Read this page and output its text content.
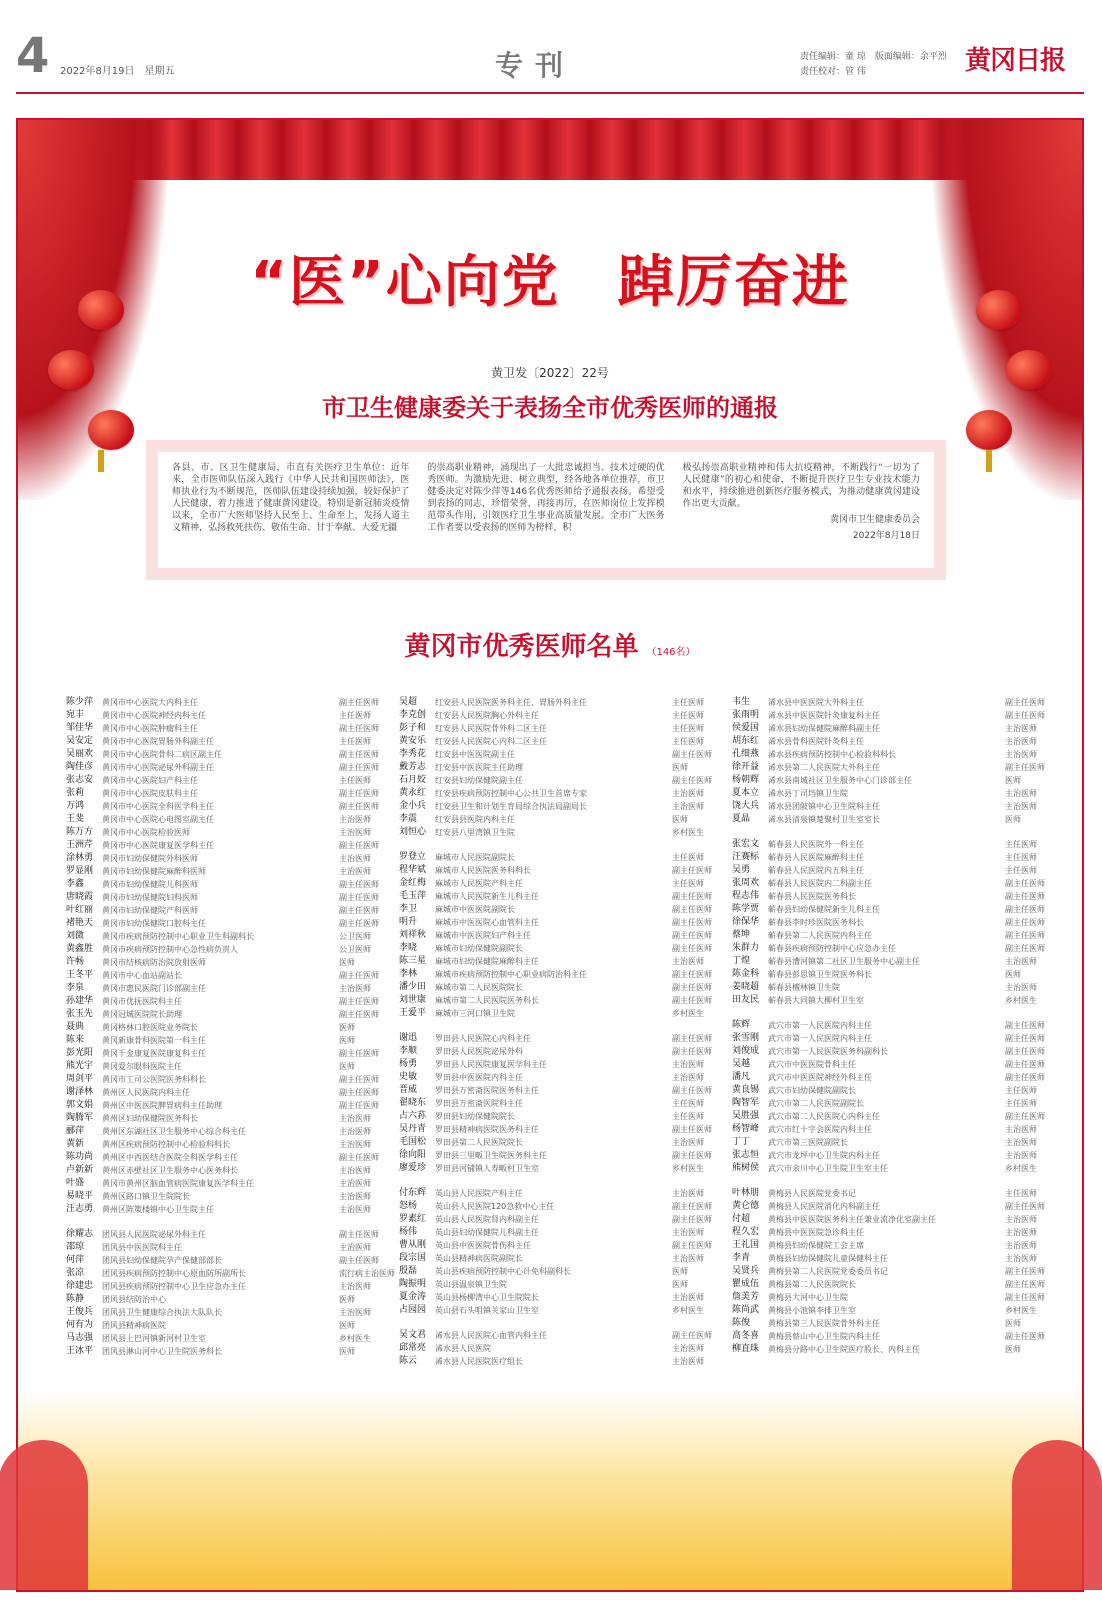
4 2022年8月19日　星期五	专刊	责任编辑：童 琼　版面编辑：余平烈　责任校对：管 伟	黄冈日报
“医”心向党　踔厉奋进
黄卫发〔2022〕22号
市卫生健康委关于表扬全市优秀医师的通报

各县、市、区卫生健康局，市直有关医疗卫生单位：近年来，全市医师队伍深入践行《中华人民共和国医师法》，医师执业行为不断规范，医师队伍建设持续加强，较好保护了人民健康，着力推进了健康黄冈建设。特别是新冠肺炎疫情以来，全市广大医师坚持人民至上、生命至上，发扬人道主义精神，弘扬救死扶伤、敬佑生命、甘于奉献、大爱无疆

的崇高职业精神，涌现出了一大批忠诚担当、技术过硬的优秀医师。为激励先进、树立典型，经各地各单位推荐，市卫健委决定对陈少萍等146名优秀医师给予通报表扬。希望受到表扬的同志，珍惜荣誉，再接再厉，在医师岗位上发挥模范带头作用，引领医疗卫生事业高质量发展。全市广大医务工作者要以受表扬的医师为榜样，积

极弘扬崇高职业精神和伟大抗疫精神，不断践行“一切为了人民健康”的初心和使命，不断提升医疗卫生专业技术能力和水平，持续推进创新医疗服务模式，为推动健康黄冈建设作出更大贡献。

黄冈市卫生健康委员会
2022年8月18日
黄冈市优秀医师名单 （146名）
陈少萍	黄冈市中心医院大内科主任	副主任医师
宛丰	黄冈市中心医院神经内科主任	主任医师
邹佳华	黄冈市中心医院肿瘤科主任	副主任医师
吴安定	黄冈市中心医院胃肠外科副主任	主任医师
吴丽欢	黄冈市中心医院骨科二病区副主任	副主任医师
陶佳彦	黄冈市中心医院泌尿外科副主任	副主任医师
张志安	黄冈市中心医院妇产科主任	主任医师
张莉	黄冈市中心医院皮肤科主任	副主任医师
万鸿	黄冈市中心医院全科医学科主任	副主任医师
王斐	黄冈市中心医院心电图室副主任	主治医师
陈万方	黄冈市中心医院检验医师	主治医师
王洲芹	黄冈市中心医院康复医学科主任	副主任医师
涂林勇	黄冈市妇幼保健院外科医师	主治医师
罗显刚	黄冈市妇幼保健院麻醉科医师	主治医师
李鑫	黄冈市妇幼保健院儿科医师	副主任医师
唐晓霞	黄冈市妇幼保健院妇科医师	副主任医师
叶红丽	黄冈市妇幼保健院产科医师	副主任医师
褚艳天	黄冈市妇幼保健院口腔科主任	副主任医师
刘微	黄冈市疾病预防控制中心职业卫生科副科长	公卫医师
黄鑫胜	黄冈市疾病预防控制中心急性病负责人	公卫医师
许畅	黄冈市结核病防治院放射医师	医师
王冬平	黄冈市中心血站副站长	副主任医师
李泉	黄冈市惠民医院门诊部副主任	主治医师
孙建华	黄冈市优抚医院科主任	副主任医师
张玉先	黄冈冠城医院院长助理	副主任医师
聂典	黄冈格林口腔医院业务院长	医师
陈来	黄冈新康骨科医院第一科主任	医师
彭光阳	黄冈千金康复医院康复科主任	副主任医师
熊光宇	黄冈爱尔眼科医院主任	医师
周剑平	黄冈市工司公医院医务科科长	副主任医师
谢泽林	黄州区人民医院内科主任	副主任医师
郭文娟	黄州区中医医院脾胃病科主任助理	副主任医师
陶腾军	黄州区妇幼保健院医务科长	主治医师
郦萍	黄州区东湖社区卫生服务中心综合科主任	主治医师
黄新	黄州区疾病预防控制中心检验科科长	主治医师
陈功尚	黄州区中西医结合医院全科医学科主任	副主任医师
卢新新	黄州区赤壁社区卫生服务中心医务科长	主治医师
叶盛	黄冈市黄州区脑血管病医院康复医学科主任	主治医师
易晓平	黄州区路口镇卫生院院长	主治医师
汪志勇	黄州区陈策楼镇中心卫生院主任	主治医师
徐耀志	团风县人民医院泌尿外科主任	副主任医师
邵琼	团风县中医医院科主任	主治医师
何萍	团风县妇幼保健院孕产保健部部长	副主任医师
张凉	团风县疾病预防控制中心原血防所副所长	流行病主治医师
徐建忠	团风县疾病预防控制中心卫生应急办主任	主治医师
陈静	团风县结防治中心	医师
王俊兵	团风县卫生健康综合执法大队队长	主治医师
何有为	团风县精神病医院	医师
马志强	团风县上巴河镇新河村卫生室	乡村医生
王冰平	团风县淋山河中心卫生院医务科长	医师
吴超	红安县人民医院医务科主任、胃肠外科主任	主任医师
李克创	红安县人民医院胸心外科主任	主任医师
彭子和	红安县人民医院骨外科二区主任	主任医师
黄安乐	红安县人民医院心内科二区主任	主任医师
李秀花	红安县中医医院副主任	副主任医师
戴芳志	红安县中医医院主任助理	医师
石月姣	红安县妇幼保健院副主任	副主任医师
黄永红	红安县疾病预防控制中心公共卫生首席专家	主治医师
金小兵	红安县卫生和计划生育局综合执法局副局长	主治医师
李震	红安县县医院内科主任	医师
刘恒心	红安县八里湾镇卫生院	乡村医生
罗登立	麻城市人民医院副院长	主任医师
程华斌	麻城市人民医院医务科科长	副主任医师
金红梅	麻城市人民医院产科主任	主任医师
毛玉萍	麻城市人民医院新生儿科主任	副主任医师
李卫	麻城市中医医院副院长	副主任医师
明升	麻城市中医医院心血管科主任	副主任医师
刘祥秋	麻城市中医医院妇产科主任	副主任医师
李晓	麻城市妇幼保健院副院长	副主任医师
陈三星	麻城市妇幼保健院麻醉科主任	主治医师
李林	麻城市疾病预防控制中心职业病防治科主任	副主任医师
潘少田	麻城市第二人民医院院长	副主任医师
刘世康	麻城市第二人民医院医务科长	副主任医师
王爱平	麻城市三河口镇卫生院	乡村医生
谢迅	罗田县人民医院心内科主任	副主任医师
李顺	罗田县人民医院泌尿外科	副主任医师
杨勇	罗田县人民医院康复医学科主任	主治医师
史敏	罗田县中医医院内科主任	主治医师
晋威	罗田县万密斋医院医务科主任	副主任医师
翟晓东	罗田县万密斋医院科主任	主任医师
占六荪	罗田县妇幼保健院院长	主任医师
吴丹青	罗田县精神病医院医务科主任	副主任医师
毛国松	罗田县第二人民医院院长	主治医师
徐向阳	罗田县三里畈卫生院医务科主任	副主任医师
廖爱珍	罗田县河铺镇人寿畈村卫生室	乡村医生
付东辉	英山县人民医院产科主任	主治医师
怒杨	英山县人民医院120急救中心主任	副主任医师
罗素红	英山县人民医院肾内科副主任	副主任医师
杨伟	英山县妇幼保健院儿科副主任	主治医师
曹从刚	英山县中医医院骨伤科主任	副主任医师
段宗国	英山县精神病医院副院长	主治医师
殷磊	英山县疾病预防控制中心计免科副科长	医师
陶振明	英山县温泉镇卫生院	医师
夏金涛	英山县杨柳湾中心卫生院院长	主治医师
占园园	英山县石头咀镇关家山卫生室	乡村医生
吴文君	浠水县人民医院心血管内科主任	副主任医师
邱常亮	浠水县人民医院	主治医师
陈云	浠水县人民医院医疗组长	主治医师
韦生	浠水县中医医院大外科主任	副主任医师
张雨明	浠水县中医医院针灸康复科主任	副主任医师
侯爱国	浠水县妇幼保健院麻醉科副主任	主治医师
胡东红	浠水县骨科医院针灸科主任	主治医师
孔细燕	浠水县疾病预防控制中心检验科科长	主治医师
徐开益	浠水县第二人民医院大外科主任	副主任医师
杨朝辉	浠水县南城社区卫生服务中心门诊部主任	医师
夏本立	浠水县丁司垱镇卫生院	主治医师
饶大兵	浠水县团陂镇中心卫生院科主任	主治医师
夏晶	浠水县清泉镇楚聚村卫生室室长	医师
张宏文	蕲春县人民医院外一科主任	主任医师
汪赛标	蕲春县人民医院麻醉科主任	主任医师
吴勇	蕲春县人民医院内五科主任	主任医师
张周欢	蕲春县人民医院内二科副主任	副主任医师
程志伟	蕲春县人民医院医务科长	副主任医师
陈学贾	蕲春县妇幼保健院新生儿科主任	副主任医师
徐保华	蕲春县李时珍医院医务科长	副主任医师
蔡坤	蕲春县第二人民医院内科主任	副主任医师
朱群力	蕲春县疾病预防控制中心应急办主任	副主任医师
丁煌	蕲春县漕河镇第二社区卫生服务中心副主任	主治医师
陈金科	蕲春县彭思镇卫生院医务科长	医师
姜晓超	蕲春县檀林镇卫生院	主治医师
田友民	蕲春县大同镇大柳村卫生室	乡村医生
陈辉	武穴市第一人民医院内科主任	副主任医师
张雪刚	武穴市第一人民医院内科主任	副主任医师
刘俊成	武穴市第一人民医院医务科副科长	副主任医师
吴越	武穴市中医医院骨科主任	副主任医师
潘凡	武穴市中医医院神经外科主任	副主任医师
黄良锡	武穴市妇幼保健院副院长	主任医师
陶智军	武穴市第二人民医院副院长	主任医师
吴胜强	武穴市第二人民医院心内科主任	副主任医师
杨智峰	武穴市红十字会医院内科主任	主治医师
丁丁	武穴市第三医院副院长	主治医师
张志恒	武穴市龙坪中心卫生院内科主任	主治医师
熊树侯	武穴市余川中心卫生院卫生室主任	乡村医生
叶林朋	黄梅县人民医院党委书记	主任医师
黄仑德	黄梅县人民医院消化内科副主任	副主任医师
付超	黄梅县中医医院医务科主任兼业流净化室副主任	主治医师
程久宏	黄梅县中医医院急诊科主任	主治医师
王礼国	黄梅县妇幼保健院工会主席	主治医师
李青	黄梅县妇幼保健院儿童保健科主任	主治医师
吴贤兵	黄梅县第二人民医院党委委员书记	副主任医师
瞿成伍	黄梅县第二人民医院院长	副主任医师
詹美芳	黄梅县大河中心卫生院	副主任医师
陈尚武	黄梅县小池镇李排卫生室	乡村医生
陈俊	黄梅县第三人民医院骨外科主任	医师
高冬喜	黄梅县蔡山中心卫生院内科主任	副主任医师
柳直珠	黄梅县分路中心卫生院医疗股长、内科主任	医师
